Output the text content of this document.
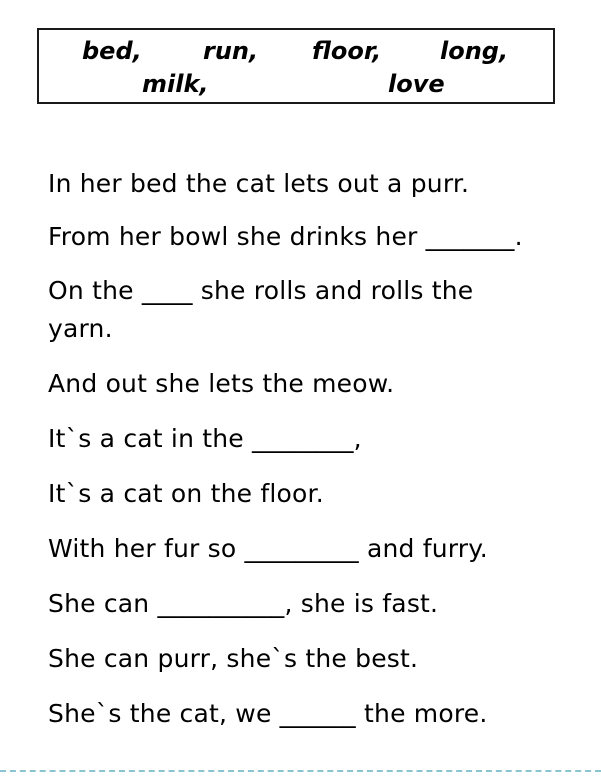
bed,	run, floor, long,
milk,	love
In her bed the cat lets out a purr.
From her bowl she drinks her _______.
On the ____ she rolls and rolls the
yarn.
And out she lets the meow.
It`s a cat in the ________,
It`s a cat on the floor.
With her fur so _________ and furry.
She can __________, she is fast.
She can purr, she`s the best.
She`s the cat, we ______ the more.
